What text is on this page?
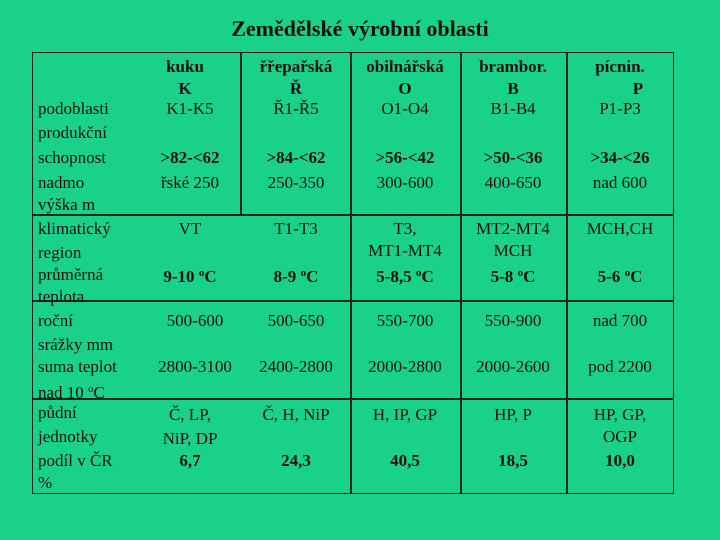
Zemědělské výrobní oblasti
kuku
K
řřepařská
Ř
obilnářská
O
brambor.
B
pícnin.
P
podoblasti
produkční
schopnost
nadmo
výška m
klimatický
region
průměrná
teplota
roční
srážky mm
suma teplot
nad 10 $^o$C
půdní
jednotky
podíl v ČR
%
K1-K5
>82-<62
řské 250
VT
9-10 $^o$C
500-600
2800-3100
Č, LP,
NiP, DP
6,7
Ř1-Ř5
>84-<62
250-350
T1-T3
8-9 $^o$C
500-650
2400-2800
Č, H, NiP
24,3
O1-O4
>56-<42
300-600
T3,
MT1-MT4
5-8,5 $^o$C
550-700
2000-2800
H, IP, GP
40,5
B1-B4
>50-<36
400-650
MT2-MT4
MCH
5-8 $^o$C
550-900
2000-2600
HP, P
18,5
P1-P3
>34-<26
nad 600
MCH,CH
5-6 $^o$C
nad 700
pod 2200
HP, GP,
OGP
10,0
